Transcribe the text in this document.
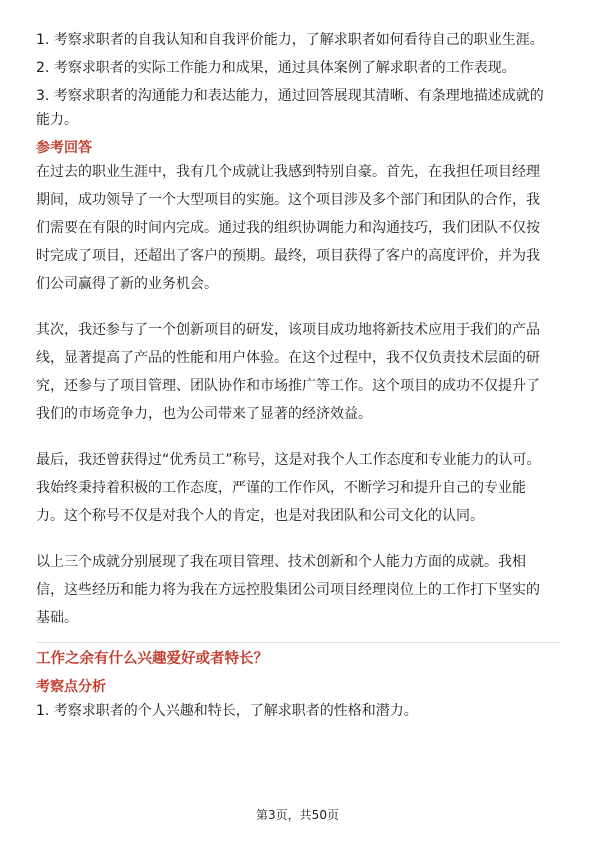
1. 考察求职者的自我认知和自我评价能力，了解求职者如何看待自己的职业生涯。
2. 考察求职者的实际工作能力和成果，通过具体案例了解求职者的工作表现。
3. 考察求职者的沟通能力和表达能力，通过回答展现其清晰、有条理地描述成就的
能力。
参考回答
在过去的职业生涯中，我有几个成就让我感到特别自豪。首先，在我担任项目经理
期间，成功领导了一个大型项目的实施。这个项目涉及多个部门和团队的合作，我
们需要在有限的时间内完成。通过我的组织协调能力和沟通技巧，我们团队不仅按
时完成了项目，还超出了客户的预期。最终，项目获得了客户的高度评价，并为我
们公司赢得了新的业务机会。
其次，我还参与了一个创新项目的研发，该项目成功地将新技术应用于我们的产品
线，显著提高了产品的性能和用户体验。在这个过程中，我不仅负责技术层面的研
究，还参与了项目管理、团队协作和市场推广等工作。这个项目的成功不仅提升了
我们的市场竞争力，也为公司带来了显著的经济效益。
最后，我还曾获得过“优秀员工”称号，这是对我个人工作态度和专业能力的认可。
我始终秉持着积极的工作态度，严谨的工作作风，不断学习和提升自己的专业能
力。这个称号不仅是对我个人的肯定，也是对我团队和公司文化的认同。
以上三个成就分别展现了我在项目管理、技术创新和个人能力方面的成就。我相
信，这些经历和能力将为我在方远控股集团公司项目经理岗位上的工作打下坚实的
基础。
工作之余有什么兴趣爱好或者特长？
考察点分析
1. 考察求职者的个人兴趣和特长，了解求职者的性格和潜力。
第3页，共50页
